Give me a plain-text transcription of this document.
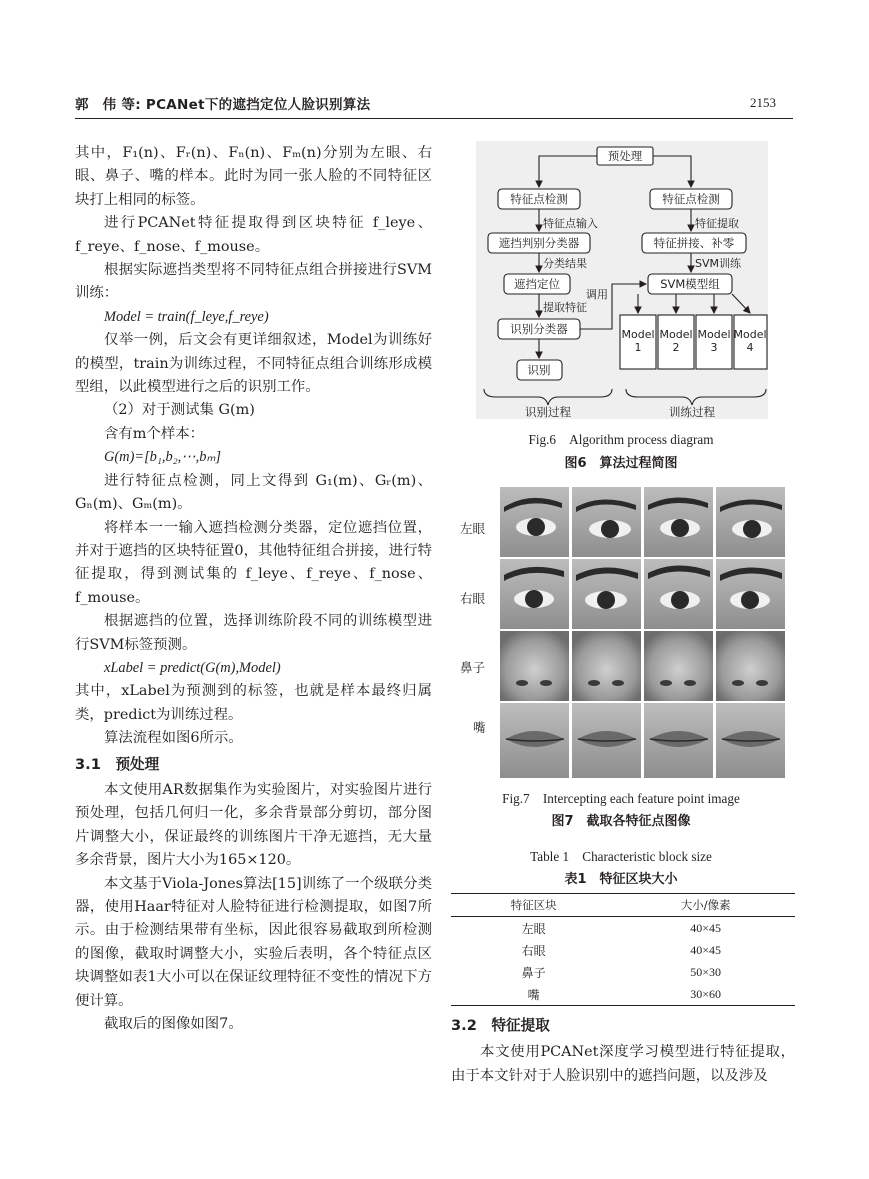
郭　伟 等: PCANet下的遮挡定位人脸识别算法	2153

其中，F₁(n)、Fᵣ(n)、Fₙ(n)、Fₘ(n)分别为左眼、右眼、鼻子、嘴的样本。此时为同一张人脸的不同特征区块打上相同的标签。

进行PCANet特征提取得到区块特征 f_leye、f_reye、f_nose、f_mouse。

根据实际遮挡类型将不同特征点组合拼接进行SVM训练：

Model = train(f_leye,f_reye)

仅举一例，后文会有更详细叙述，Model为训练好的模型，train为训练过程，不同特征点组合训练形成模型组，以此模型进行之后的识别工作。

（2）对于测试集 G(m)

含有m个样本：

G(m)=[b₁,b₂,⋯,bₘ]

进行特征点检测，同上文得到 G₁(m)、Gᵣ(m)、Gₙ(m)、Gₘ(m)。

将样本一一输入遮挡检测分类器，定位遮挡位置，并对于遮挡的区块特征置0，其他特征组合拼接，进行特征提取，得到测试集的 f_leye、f_reye、f_nose、f_mouse。

根据遮挡的位置，选择训练阶段不同的训练模型进行SVM标签预测。

xLabel = predict(G(m),Model)

其中，xLabel为预测到的标签，也就是样本最终归属类，predict为训练过程。

算法流程如图6所示。

3.1　预处理

本文使用AR数据集作为实验图片，对实验图片进行预处理，包括几何归一化，多余背景部分剪切，部分图片调整大小，保证最终的训练图片干净无遮挡，无大量多余背景，图片大小为165×120。

本文基于Viola-Jones算法[15]训练了一个级联分类器，使用Haar特征对人脸特征进行检测提取，如图7所示。由于检测结果带有坐标，因此很容易截取到所检测的图像，截取时调整大小，实验后表明，各个特征点区块调整如表1大小可以在保证纹理特征不变性的情况下方便计算。

截取后的图像如图7。

预处理
特征点检测	特征点检测
遮挡判别分类器	特征拼接、补零
遮挡定位	SVM模型组
识别分类器
识别
Model 1
Model 2
Model 3
Model 4
特征点输入
分类结果
提取特征
调用
特征提取
SVM训练
识别过程	训练过程
Fig.6　Algorithm process diagram
图6　算法过程简图
左眼
右眼
鼻子
嘴
Fig.7　Intercepting each feature point image
图7　截取各特征点图像
Table 1　Characteristic block size
表1　特征区块大小
特征区块	大小/像素
左眼	40×45
右眼	40×45
鼻子	50×30
嘴	30×60
3.2　特征提取

本文使用PCANet深度学习模型进行特征提取，由于本文针对于人脸识别中的遮挡问题，以及涉及
